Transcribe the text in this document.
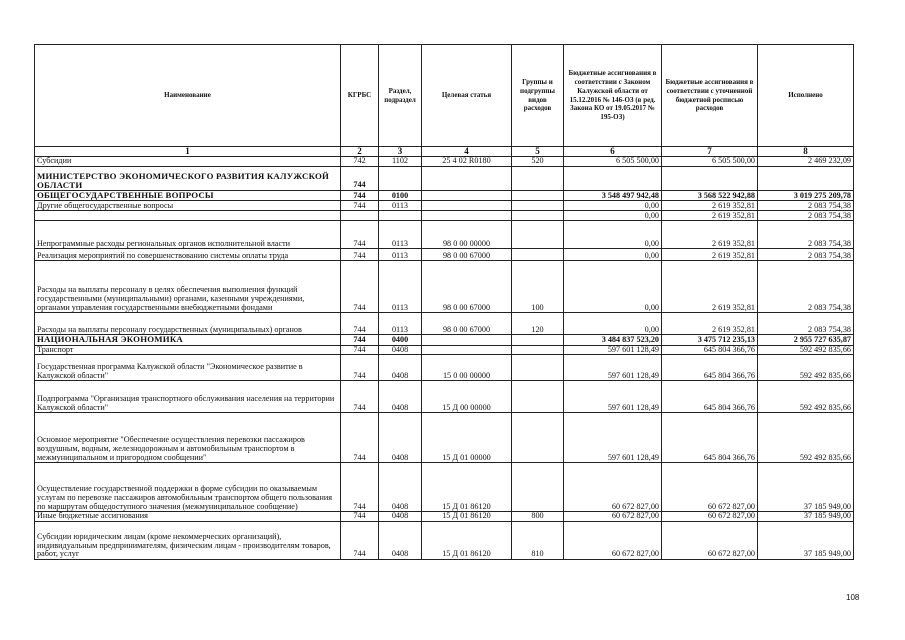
Наименование	КГРБС	Раздел, подраздел	Целевая статья	Группы и подгруппы видов расходов	Бюджетные ассигнования в соответствии с Законом Калужской области от 15.12.2016 № 146-ОЗ (в ред. Закона КО от 19.05.2017 № 195-ОЗ)	Бюджетные ассигнования в соответствии с уточненной бюджетной росписью расходов	Исполнено
1	2	3	4	5	6	7	8
Субсидии	742	1102	25 4 02 R0180	520	6 505 500,00	6 505 500,00	2 469 232,09
МИНИСТЕРСТВО ЭКОНОМИЧЕСКОГО РАЗВИТИЯ КАЛУЖСКОЙ ОБЛАСТИ	744						
ОБЩЕГОСУДАРСТВЕННЫЕ ВОПРОСЫ	744	0100			3 548 497 942,48	3 568 522 942,88	3 019 275 209,78
Другие общегосударственные вопросы	744	0113			0,00	2 619 352,81	2 083 754,38
					0,00	2 619 352,81	2 083 754,38
Непрограммные расходы региональных органов исполнительной власти	744	0113	98 0 00 00000		0,00	2 619 352,81	2 083 754,38
Реализация мероприятий по совершенствованию системы оплаты труда	744	0113	98 0 00 67000		0,00	2 619 352,81	2 083 754,38
Расходы на выплаты персоналу в целях обеспечения выполнения функций государственными (муниципальными) органами, казенными учреждениями, органами управления государственными внебюджетными фондами	744	0113	98 0 00 67000	100	0,00	2 619 352,81	2 083 754,38
Расходы на выплаты персоналу государственных (муниципальных) органов	744	0113	98 0 00 67000	120	0,00	2 619 352,81	2 083 754,38
НАЦИОНАЛЬНАЯ ЭКОНОМИКА	744	0400			3 484 837 523,20	3 475 712 235,13	2 955 727 635,87
Транспорт	744	0408			597 601 128,49	645 804 366,76	592 492 835,66
Государственная программа Калужской области "Экономическое развитие в Калужской области"	744	0408	15 0 00 00000		597 601 128,49	645 804 366,76	592 492 835,66
Подпрограмма "Организация транспортного обслуживания населения на территории Калужской области"	744	0408	15 Д 00 00000		597 601 128,49	645 804 366,76	592 492 835,66
Основное мероприятие "Обеспечение осуществления перевозки пассажиров воздушным, водным, железнодорожным и автомобильным транспортом в межмуниципальном и пригородном сообщении"	744	0408	15 Д 01 00000		597 601 128,49	645 804 366,76	592 492 835,66
Осуществление государственной поддержки в форме субсидии по оказываемым услугам по перевозке пассажиров автомобильным транспортом общего пользования по маршрутам общедоступного значения (межмуниципальное сообщение)	744	0408	15 Д 01 86120		60 672 827,00	60 672 827,00	37 185 949,00
Иные бюджетные ассигнования	744	0408	15 Д 01 86120	800	60 672 827,00	60 672 827,00	37 185 949,00
Субсидии юридическим лицам (кроме некоммерческих организаций), индивидуальным предпринимателям, физическим лицам - производителям товаров, работ, услуг	744	0408	15 Д 01 86120	810	60 672 827,00	60 672 827,00	37 185 949,00
108
